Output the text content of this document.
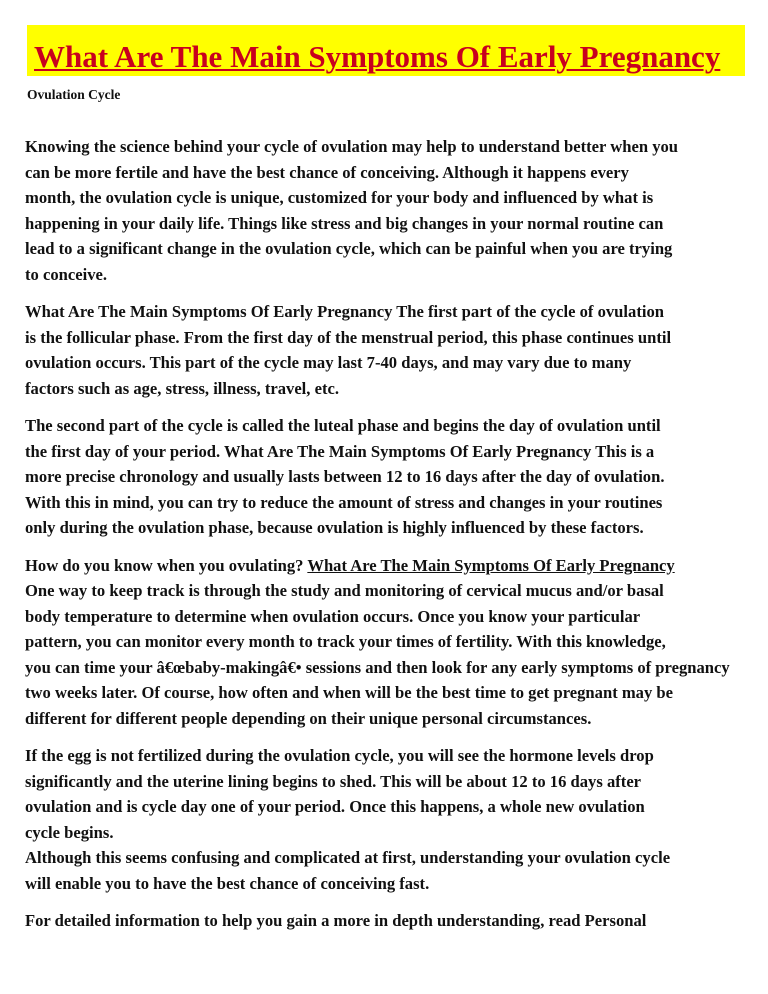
What Are The Main Symptoms Of Early Pregnancy

Ovulation Cycle

Knowing the science behind your cycle of ovulation may help to understand better when you
can be more fertile and have the best chance of conceiving. Although it happens every
month, the ovulation cycle is unique, customized for your body and influenced by what is
happening in your daily life. Things like stress and big changes in your normal routine can
lead to a significant change in the ovulation cycle, which can be painful when you are trying
to conceive.

What Are The Main Symptoms Of Early Pregnancy The first part of the cycle of ovulation
is the follicular phase. From the first day of the menstrual period, this phase continues until
ovulation occurs. This part of the cycle may last 7-40 days, and may vary due to many
factors such as age, stress, illness, travel, etc.

The second part of the cycle is called the luteal phase and begins the day of ovulation until
the first day of your period. What Are The Main Symptoms Of Early Pregnancy This is a
more precise chronology and usually lasts between 12 to 16 days after the day of ovulation.
With this in mind, you can try to reduce the amount of stress and changes in your routines
only during the ovulation phase, because ovulation is highly influenced by these factors.

How do you know when you ovulating? What Are The Main Symptoms Of Early Pregnancy
One way to keep track is through the study and monitoring of cervical mucus and/or basal
body temperature to determine when ovulation occurs. Once you know your particular
pattern, you can monitor every month to track your times of fertility. With this knowledge,
you can time your â€œbaby-makingâ€• sessions and then look for any early symptoms of pregnancy
two weeks later. Of course, how often and when will be the best time to get pregnant may be
different for different people depending on their unique personal circumstances.

If the egg is not fertilized during the ovulation cycle, you will see the hormone levels drop
significantly and the uterine lining begins to shed. This will be about 12 to 16 days after
ovulation and is cycle day one of your period. Once this happens, a whole new ovulation
cycle begins.
Although this seems confusing and complicated at first, understanding your ovulation cycle
will enable you to have the best chance of conceiving fast.

For detailed information to help you gain a more in depth understanding, read Personal
